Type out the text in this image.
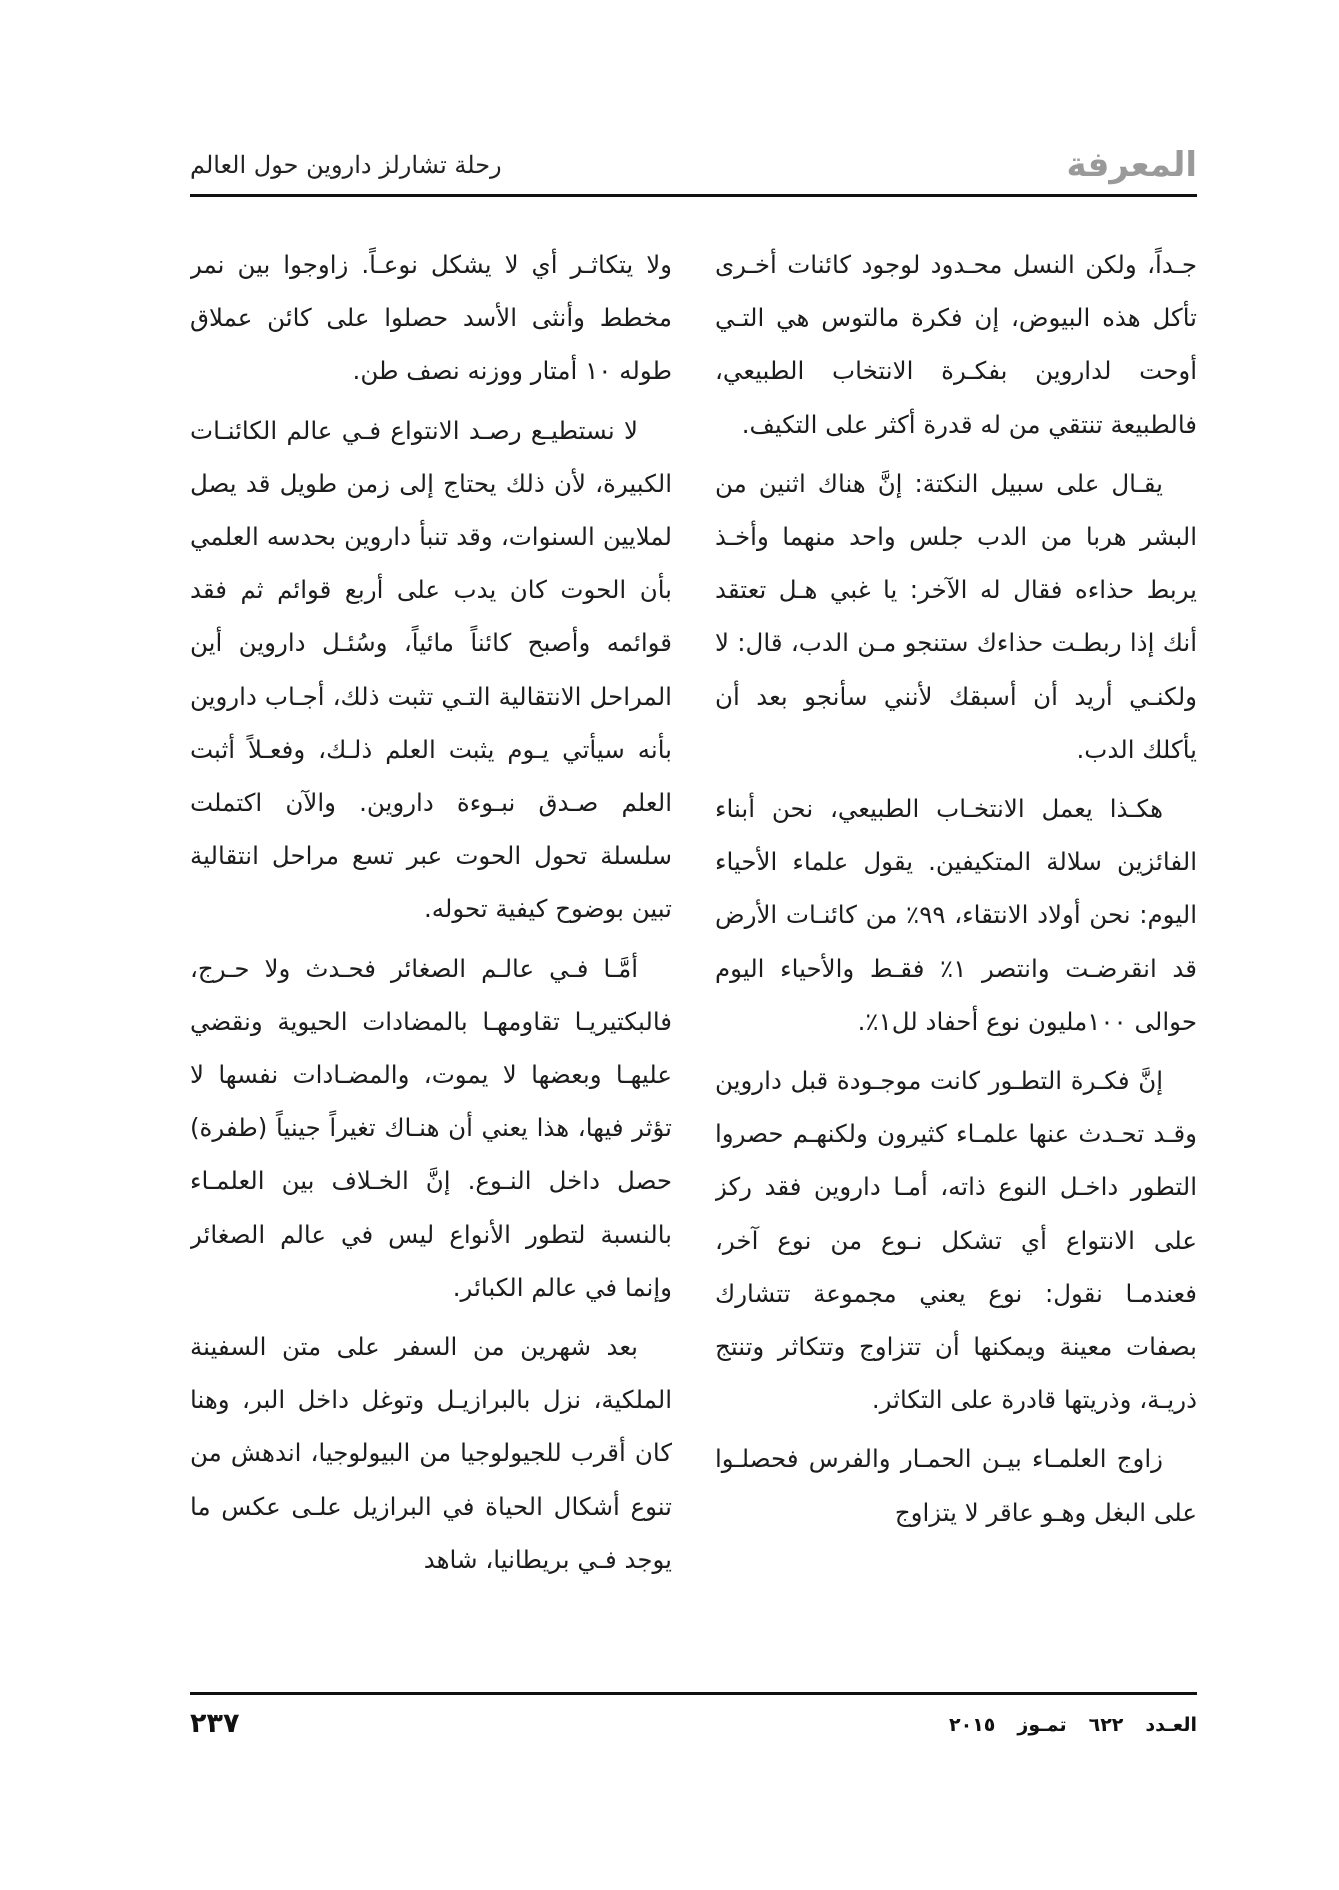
المعرفة
رحلة تشارلز داروين حول العالم

جـداً، ولكن النسل محـدود لوجود كائنات أخـرى تأكل هذه البيوض، إن فكرة مالتوس هي التـي أوحت لداروين بفكـرة الانتخاب الطبيعي، فالطبيعة تنتقي من له قدرة أكثر على التكيف.

يقـال على سبيل النكتة: إنَّ هناك اثنين من البشر هربا من الدب جلس واحد منهما وأخـذ يربط حذاءه فقال له الآخر: يا غبي هـل تعتقد أنك إذا ربطـت حذاءك ستنجو مـن الدب، قال: لا ولكنـي أريد أن أسبقك لأنني سأنجو بعد أن يأكلك الدب.

هكـذا يعمل الانتخـاب الطبيعي، نحن أبناء الفائزين سلالة المتكيفين. يقول علماء الأحياء اليوم: نحن أولاد الانتقاء، ٩٩٪ من كائنـات الأرض قد انقرضـت وانتصر ١٪ فقـط والأحياء اليوم حوالى ١٠٠مليون نوع أحفاد لل١٪.

إنَّ فكـرة التطـور كانت موجـودة قبل داروين وقـد تحـدث عنها علمـاء كثيرون ولكنهـم حصروا التطور داخـل النوع ذاته، أمـا داروين فقد ركز على الانتواع أي تشكل نـوع من نوع آخر، فعندمـا نقول: نوع يعني مجموعة تتشارك بصفات معينة ويمكنها أن تتزاوج وتتكاثر وتنتج ذريـة، وذريتها قادرة على التكاثر.

زاوج العلمـاء بيـن الحمـار والفرس فحصلـوا على البغل وهـو عاقر لا يتزاوج

ولا يتكاثـر أي لا يشكل نوعـاً. زاوجوا بين نمر مخطط وأنثى الأسد حصلوا على كائن عملاق طوله ١٠ أمتار ووزنه نصف طن.

لا نستطيـع رصـد الانتواع فـي عالم الكائنـات الكبيرة، لأن ذلك يحتاج إلى زمن طويل قد يصل لملايين السنوات، وقد تنبأ داروين بحدسه العلمي بأن الحوت كان يدب على أربع قوائم ثم فقد قوائمه وأصبح كائناً مائياً، وسُئـل داروين أين المراحل الانتقالية التـي تثبت ذلك، أجـاب داروين بأنه سيأتي يـوم يثبت العلم ذلـك، وفعـلاً أثبت العلم صـدق نبـوءة داروين. والآن اكتملت سلسلة تحول الحوت عبر تسع مراحل انتقالية تبين بوضوح كيفية تحوله.

أمَّـا فـي عالـم الصغائر فحـدث ولا حـرج، فالبكتيريـا تقاومهـا بالمضادات الحيوية ونقضي عليهـا وبعضها لا يموت، والمضـادات نفسها لا تؤثر فيها، هذا يعني أن هنـاك تغيراً جينياً (طفرة) حصل داخل النـوع. إنَّ الخـلاف بين العلمـاء بالنسبة لتطور الأنواع ليس في عالم الصغائر وإنما في عالم الكبائر.

بعد شهرين من السفر على متن السفينة الملكية، نزل بالبرازيـل وتوغل داخل البر، وهنا كان أقرب للجيولوجيا من البيولوجيا، اندهش من تنوع أشكال الحياة في البرازيل علـى عكس ما يوجد فـي بريطانيا، شاهد

العـدد
٦٢٢
تمـوز
٢٠١٥
٢٣٧
